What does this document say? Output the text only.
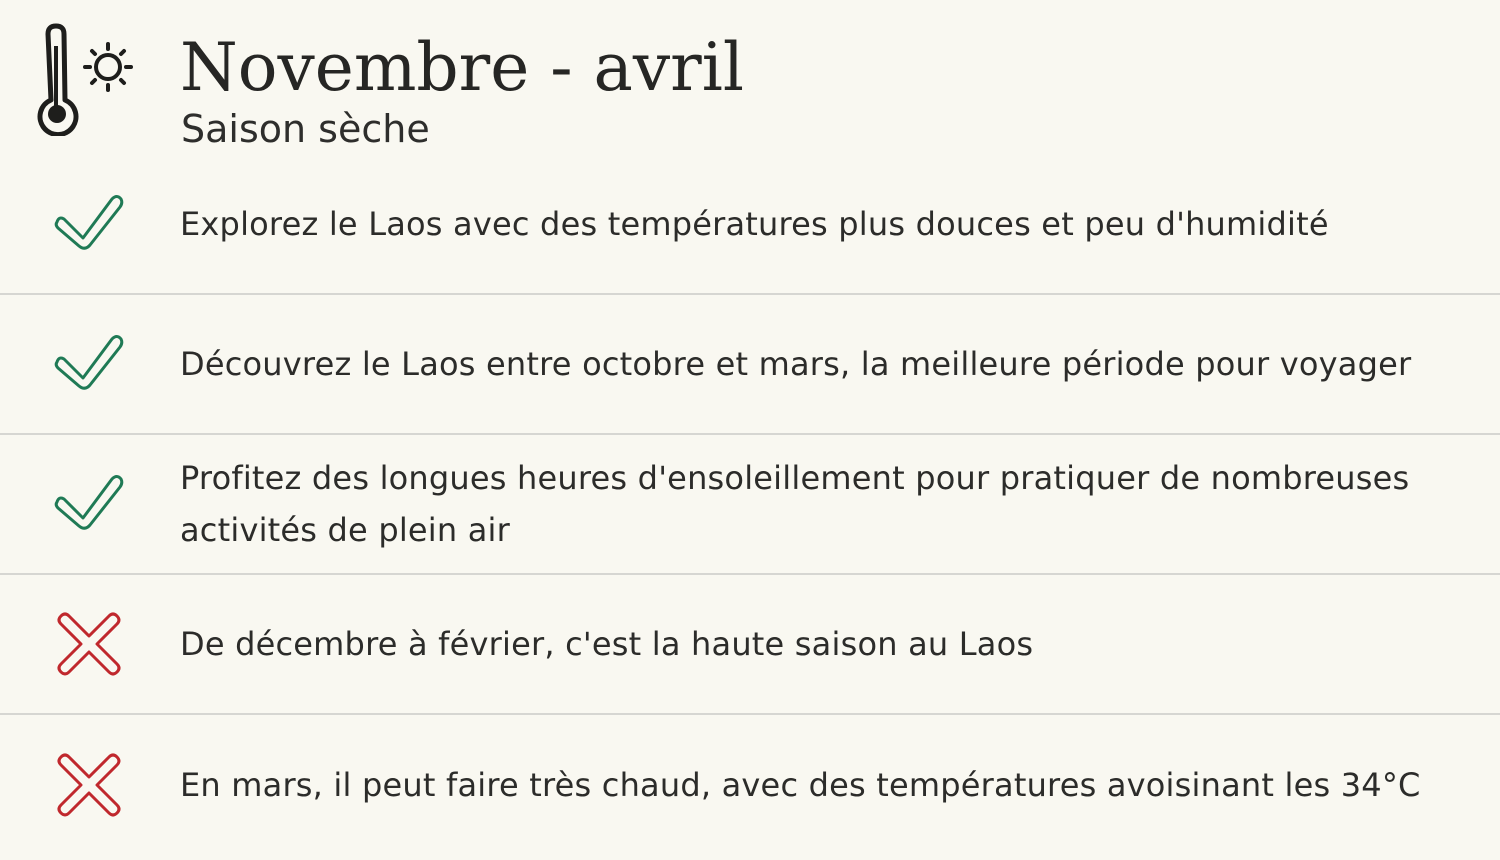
Novembre - avril
Saison sèche
Explorez le Laos avec des températures plus douces et peu d'humidité
Découvrez le Laos entre octobre et mars, la meilleure période pour voyager
Profitez des longues heures d'ensoleillement pour pratiquer de nombreuses activités de plein air
De décembre à février, c'est la haute saison au Laos
En mars, il peut faire très chaud, avec des températures avoisinant les 34°C
